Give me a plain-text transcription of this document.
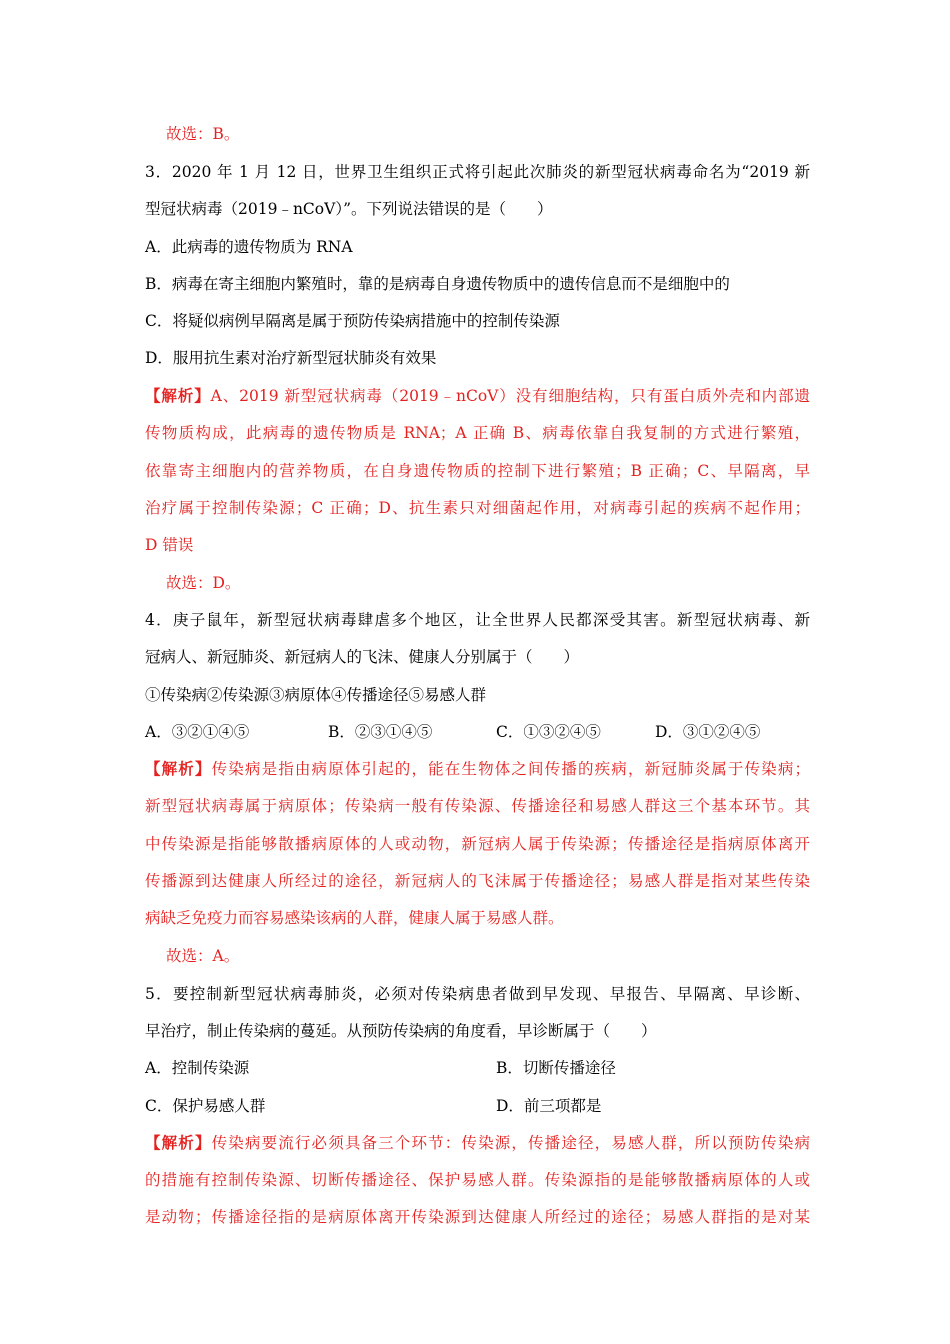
故选：B。
3．2020 年 1 月 12 日，世界卫生组织正式将引起此次肺炎的新型冠状病毒命名为“2019 新
型冠状病毒（2019﹣nCoV）”。下列说法错误的是（　　）
A．此病毒的遗传物质为 RNA
B．病毒在寄主细胞内繁殖时，靠的是病毒自身遗传物质中的遗传信息而不是细胞中的
C．将疑似病例早隔离是属于预防传染病措施中的控制传染源
D．服用抗生素对治疗新型冠状肺炎有效果
【解析】A、2019 新型冠状病毒（2019﹣nCoV）没有细胞结构，只有蛋白质外壳和内部遗
传物质构成，此病毒的遗传物质是 RNA；A 正确 B、病毒依靠自我复制的方式进行繁殖，
依靠寄主细胞内的营养物质，在自身遗传物质的控制下进行繁殖；B 正确；C、早隔离，早
治疗属于控制传染源；C 正确；D、抗生素只对细菌起作用，对病毒引起的疾病不起作用；
D 错误
故选：D。
4．庚子鼠年，新型冠状病毒肆虐多个地区，让全世界人民都深受其害。新型冠状病毒、新
冠病人、新冠肺炎、新冠病人的飞沫、健康人分别属于（　　）
①传染病②传染源③病原体④传播途径⑤易感人群
A．③②①④⑤	B．②③①④⑤	C．①③②④⑤	D．③①②④⑤
【解析】传染病是指由病原体引起的，能在生物体之间传播的疾病，新冠肺炎属于传染病；
新型冠状病毒属于病原体；传染病一般有传染源、传播途径和易感人群这三个基本环节。其
中传染源是指能够散播病原体的人或动物，新冠病人属于传染源；传播途径是指病原体离开
传播源到达健康人所经过的途径，新冠病人的飞沫属于传播途径；易感人群是指对某些传染
病缺乏免疫力而容易感染该病的人群，健康人属于易感人群。
故选：A。
5．要控制新型冠状病毒肺炎，必须对传染病患者做到早发现、早报告、早隔离、早诊断、
早治疗，制止传染病的蔓延。从预防传染病的角度看，早诊断属于（　　）
A．控制传染源	B．切断传播途径
C．保护易感人群	D．前三项都是
【解析】传染病要流行必须具备三个环节：传染源，传播途径，易感人群，所以预防传染病
的措施有控制传染源、切断传播途径、保护易感人群。传染源指的是能够散播病原体的人或
是动物；传播途径指的是病原体离开传染源到达健康人所经过的途径；易感人群指的是对某
